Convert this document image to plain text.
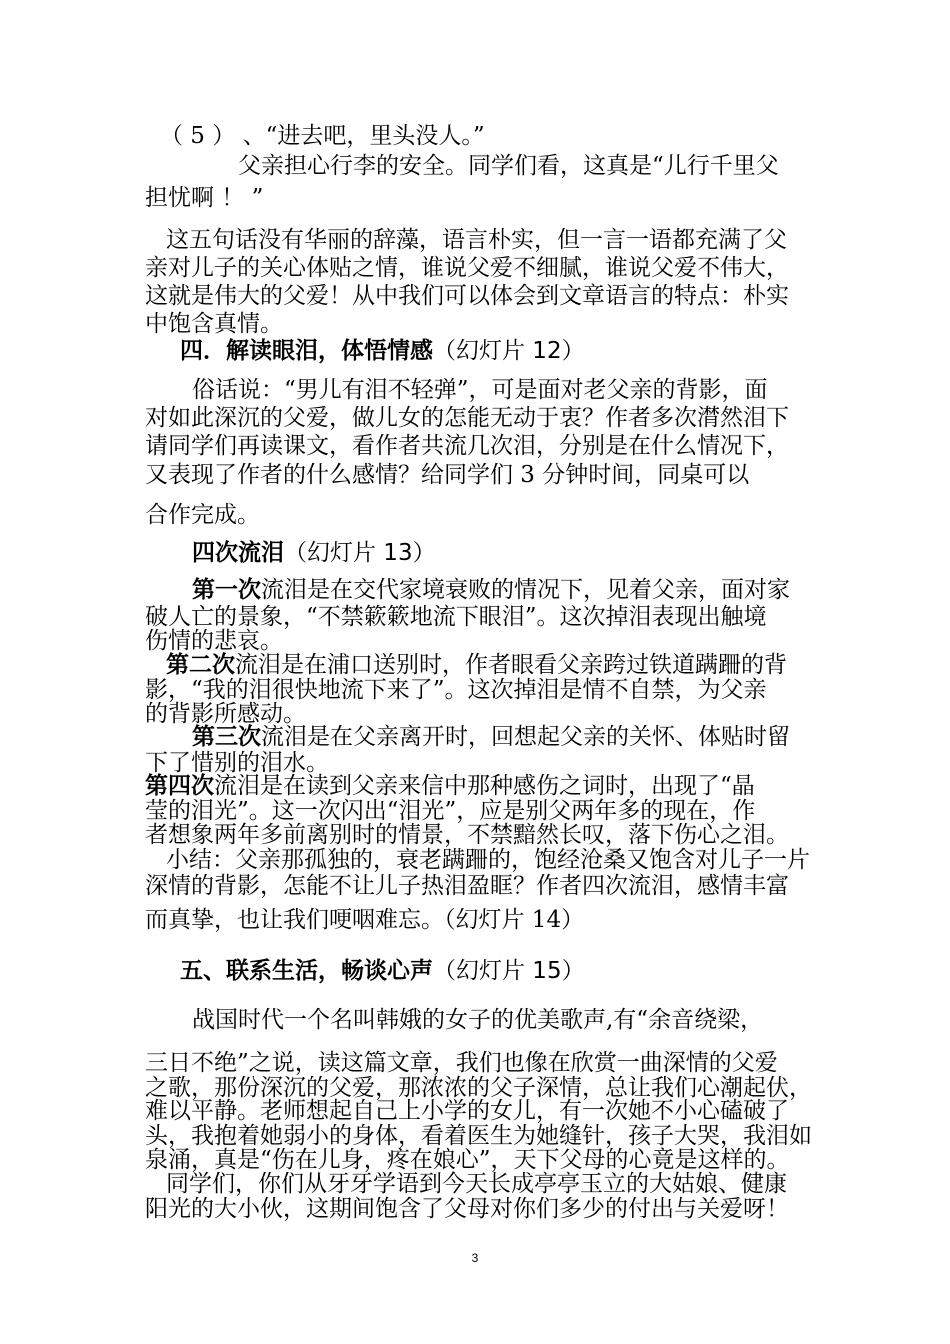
（ 5 ） 、“进去吧，里头没人。”
父亲担心行李的安全。同学们看，这真是“儿行千里父
担忧啊 ！ ”
这五句话没有华丽的辞藻，语言朴实，但一言一语都充满了父
亲对儿子的关心体贴之情，谁说父爱不细腻，谁说父爱不伟大，
这就是伟大的父爱！从中我们可以体会到文章语言的特点：朴实
中饱含真情。
四．解读眼泪，体悟情感（幻灯片 12）
俗话说：“男儿有泪不轻弹”，可是面对老父亲的背影，面
对如此深沉的父爱，做儿女的怎能无动于衷？作者多次潸然泪下
请同学们再读课文，看作者共流几次泪，分别是在什么情况下，
又表现了作者的什么感情？给同学们 3 分钟时间，同桌可以
合作完成。
四次流泪（幻灯片 13）
第一次流泪是在交代家境衰败的情况下，见着父亲，面对家
破人亡的景象，“不禁簌簌地流下眼泪”。这次掉泪表现出触境
伤情的悲哀。
第二次流泪是在浦口送别时，作者眼看父亲跨过铁道蹒跚的背
影，“我的泪很快地流下来了”。这次掉泪是情不自禁，为父亲
的背影所感动。
第三次流泪是在父亲离开时，回想起父亲的关怀、体贴时留
下了惜别的泪水。
第四次流泪是在读到父亲来信中那种感伤之词时，出现了“晶
莹的泪光”。这一次闪出“泪光”，应是别父两年多的现在，作
者想象两年多前离别时的情景，不禁黯然长叹，落下伤心之泪。
小结：父亲那孤独的，衰老蹒跚的，饱经沧桑又饱含对儿子一片
深情的背影，怎能不让儿子热泪盈眶？作者四次流泪，感情丰富
而真挚，也让我们哽咽难忘。（幻灯片 14）
五、联系生活，畅谈心声（幻灯片 15）
战国时代一个名叫韩娥的女子的优美歌声,有“余音绕梁，
三日不绝”之说，读这篇文章，我们也像在欣赏一曲深情的父爱
之歌，那份深沉的父爱，那浓浓的父子深情，总让我们心潮起伏，
难以平静。老师想起自己上小学的女儿，有一次她不小心磕破了
头，我抱着她弱小的身体，看着医生为她缝针，孩子大哭，我泪如
泉涌，真是“伤在儿身，疼在娘心”，天下父母的心竟是这样的。
同学们，你们从牙牙学语到今天长成亭亭玉立的大姑娘、健康
阳光的大小伙，这期间饱含了父母对你们多少的付出与关爱呀！
3
